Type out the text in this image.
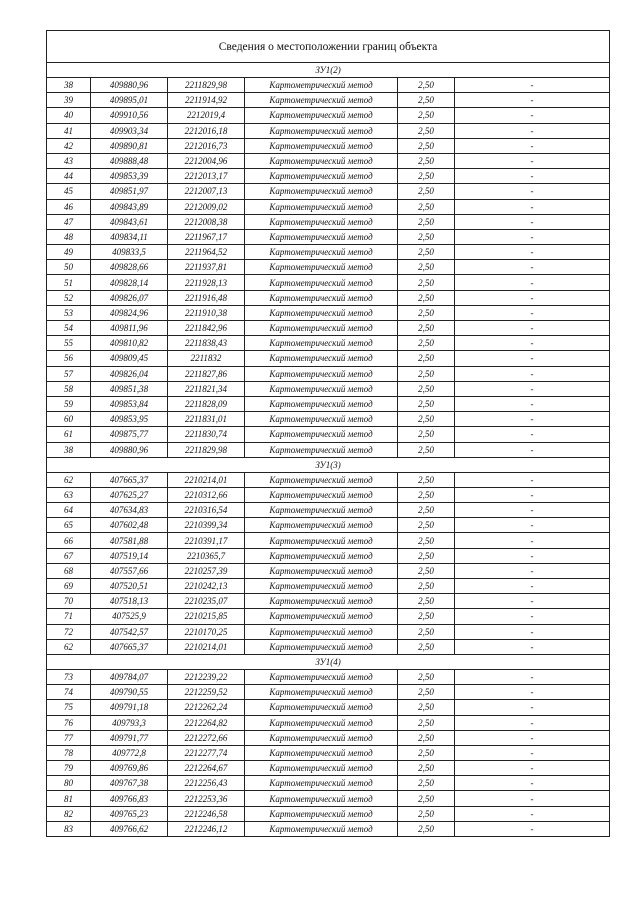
Сведения о местоположении границ объекта					
ЗУ1(2)					
38	409880,96	2211829,98	Картометрический метод	2,50	-
39	409895,01	2211914,92	Картометрический метод	2,50	-
40	409910,56	2212019,4	Картометрический метод	2,50	-
41	409903,34	2212016,18	Картометрический метод	2,50	-
42	409890,81	2212016,73	Картометрический метод	2,50	-
43	409888,48	2212004,96	Картометрический метод	2,50	-
44	409853,39	2212013,17	Картометрический метод	2,50	-
45	409851,97	2212007,13	Картометрический метод	2,50	-
46	409843,89	2212009,02	Картометрический метод	2,50	-
47	409843,61	2212008,38	Картометрический метод	2,50	-
48	409834,11	2211967,17	Картометрический метод	2,50	-
49	409833,5	2211964,52	Картометрический метод	2,50	-
50	409828,66	2211937,81	Картометрический метод	2,50	-
51	409828,14	2211928,13	Картометрический метод	2,50	-
52	409826,07	2211916,48	Картометрический метод	2,50	-
53	409824,96	2211910,38	Картометрический метод	2,50	-
54	409811,96	2211842,96	Картометрический метод	2,50	-
55	409810,82	2211838,43	Картометрический метод	2,50	-
56	409809,45	2211832	Картометрический метод	2,50	-
57	409826,04	2211827,86	Картометрический метод	2,50	-
58	409851,38	2211821,34	Картометрический метод	2,50	-
59	409853,84	2211828,09	Картометрический метод	2,50	-
60	409853,95	2211831,01	Картометрический метод	2,50	-
61	409875,77	2211830,74	Картометрический метод	2,50	-
38	409880,96	2211829,98	Картометрический метод	2,50	-
ЗУ1(3)					
62	407665,37	2210214,01	Картометрический метод	2,50	-
63	407625,27	2210312,66	Картометрический метод	2,50	-
64	407634,83	2210316,54	Картометрический метод	2,50	-
65	407602,48	2210399,34	Картометрический метод	2,50	-
66	407581,88	2210391,17	Картометрический метод	2,50	-
67	407519,14	2210365,7	Картометрический метод	2,50	-
68	407557,66	2210257,39	Картометрический метод	2,50	-
69	407520,51	2210242,13	Картометрический метод	2,50	-
70	407518,13	2210235,07	Картометрический метод	2,50	-
71	407525,9	2210215,85	Картометрический метод	2,50	-
72	407542,57	2210170,25	Картометрический метод	2,50	-
62	407665,37	2210214,01	Картометрический метод	2,50	-
ЗУ1(4)					
73	409784,07	2212239,22	Картометрический метод	2,50	-
74	409790,55	2212259,52	Картометрический метод	2,50	-
75	409791,18	2212262,24	Картометрический метод	2,50	-
76	409793,3	2212264,82	Картометрический метод	2,50	-
77	409791,77	2212272,66	Картометрический метод	2,50	-
78	409772,8	2212277,74	Картометрический метод	2,50	-
79	409769,86	2212264,67	Картометрический метод	2,50	-
80	409767,38	2212256,43	Картометрический метод	2,50	-
81	409766,83	2212253,36	Картометрический метод	2,50	-
82	409765,23	2212246,58	Картометрический метод	2,50	-
83	409766,62	2212246,12	Картометрический метод	2,50	-
